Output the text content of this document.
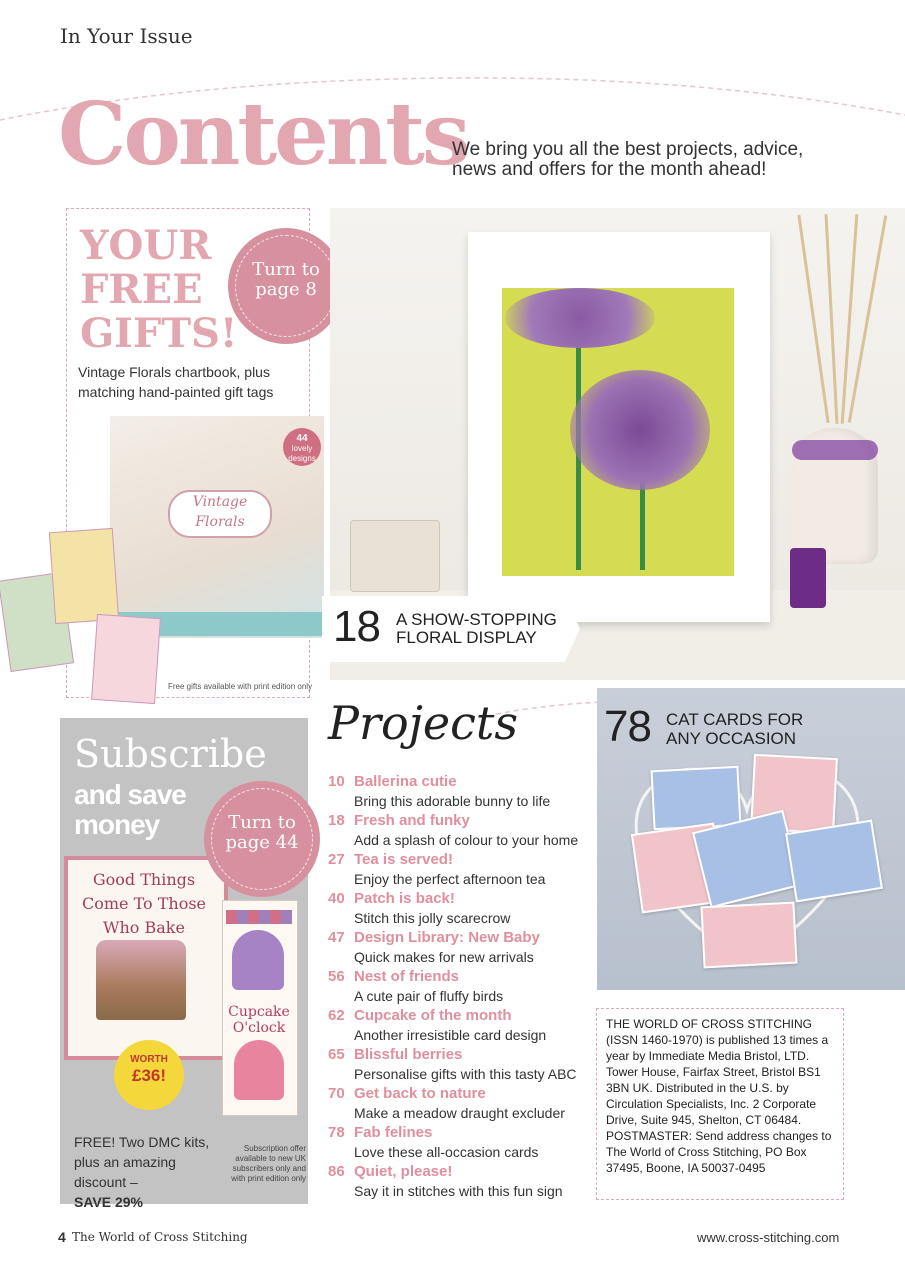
In Your Issue
Contents
We bring you all the best projects, advice, news and offers for the month ahead!
YOUR
FREE
GIFTS!
Turn to
page 8
Vintage Florals chartbook, plus matching hand-painted gift tags
Vintage Florals
44
lovely
designs
Free gifts available with print edition only
18 A SHOW-STOPPING
FLORAL DISPLAY
Projects
10 Ballerina cutie
Bring this adorable bunny to life
18 Fresh and funky
Add a splash of colour to your home
27 Tea is served!
Enjoy the perfect afternoon tea
40 Patch is back!
Stitch this jolly scarecrow
47 Design Library: New Baby
Quick makes for new arrivals
56 Nest of friends
A cute pair of fluffy birds
62 Cupcake of the month
Another irresistible card design
65 Blissful berries
Personalise gifts with this tasty ABC
70 Get back to nature
Make a meadow draught excluder
78 Fab felines
Love these all-occasion cards
86 Quiet, please!
Say it in stitches with this fun sign
Subscribe
and save
money
Good Things Come To Those Who Bake
Cupcake O'clock
Turn to
page 44
WORTH
£36!
FREE! Two DMC kits, plus an amazing discount –
SAVE 29%
Subscription offer available to new UK subscribers only and with print edition only
78 CAT CARDS FOR
ANY OCCASION
THE WORLD OF CROSS STITCHING (ISSN 1460-1970) is published 13 times a year by Immediate Media Bristol, LTD. Tower House, Fairfax Street, Bristol BS1 3BN UK. Distributed in the U.S. by Circulation Specialists, Inc. 2 Corporate Drive, Suite 945, Shelton, CT 06484. POSTMASTER: Send address changes to The World of Cross Stitching, PO Box 37495, Boone, IA 50037-0495
4 The World of Cross Stitching	www.cross-stitching.com
